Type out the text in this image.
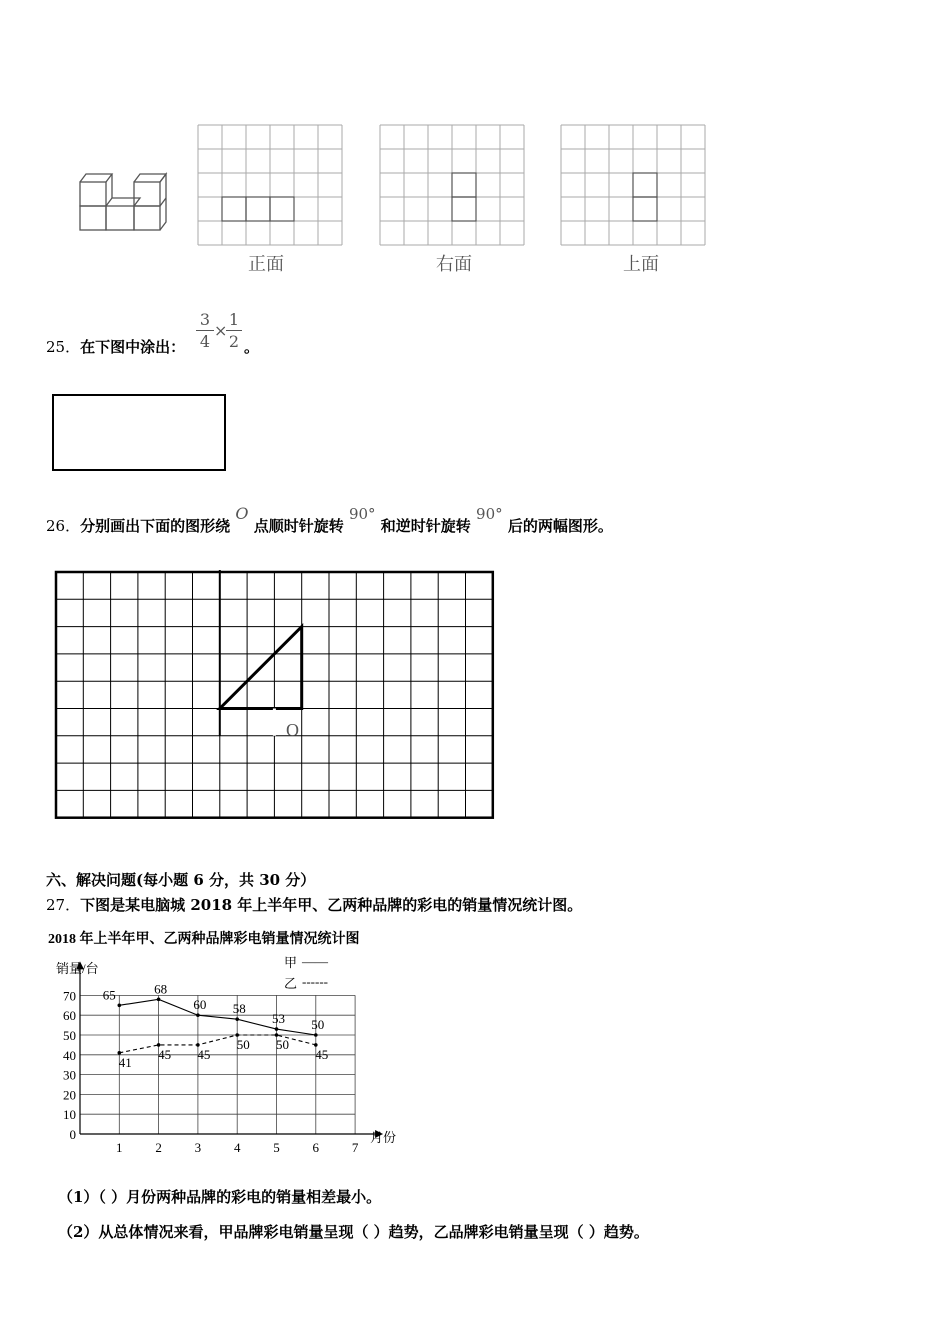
正面	右面	上面
25．在下图中涂出：
3
4
×
1
2 。
26．分别画出下面的图形绕 O 点顺时针旋转 90° 和逆时针旋转 90° 后的两幅图形。
O
六、解决问题(每小题 6 分，共 30 分）
27．下图是某电脑城 2018 年上半年甲、乙两种品牌的彩电的销量情况统计图。
0
10
20
30
40
50
60
70
1	2	3	4	5	6	7
65	68
60 58
53 50
41
45 45
50 50
45
2018 年上半年甲、乙两种品牌彩电销量情况统计图
销量/台
月份
甲 ——
乙 ------
（1）（ ）月份两种品牌的彩电的销量相差最小。
（2）从总体情况来看，甲品牌彩电销量呈现（ ）趋势，乙品牌彩电销量呈现（ ）趋势。
